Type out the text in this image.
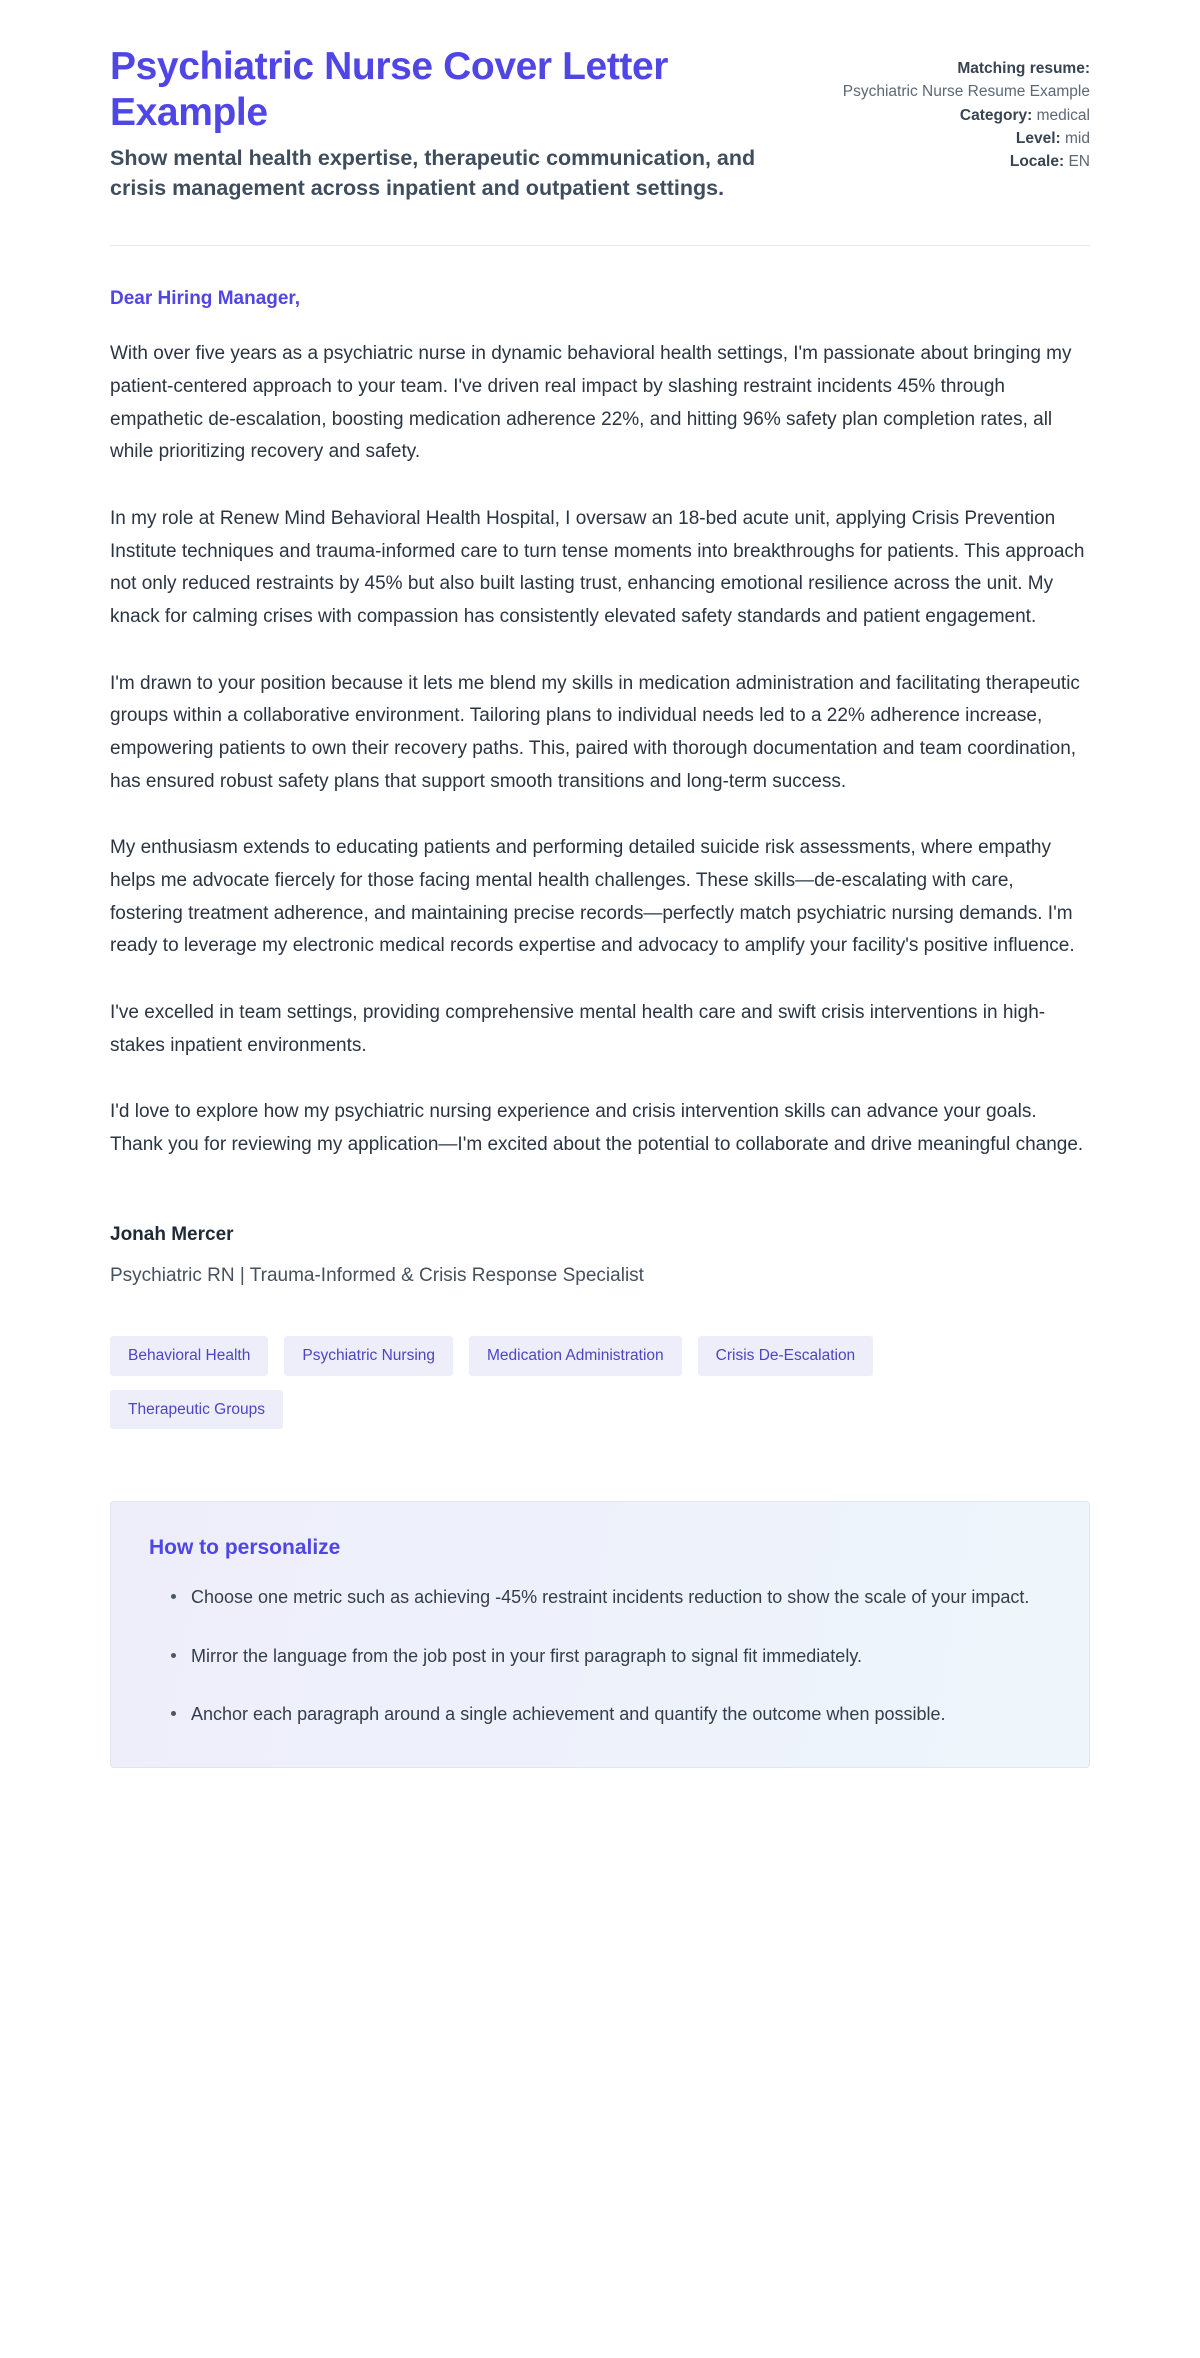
Psychiatric Nurse Cover Letter Example

Show mental health expertise, therapeutic communication, and crisis management across inpatient and outpatient settings.

Matching resume:
Psychiatric Nurse Resume Example
Category: medical
Level: mid
Locale: EN

Dear Hiring Manager,

With over five years as a psychiatric nurse in dynamic behavioral health settings, I'm passionate about bringing my patient-centered approach to your team. I've driven real impact by slashing restraint incidents 45% through empathetic de-escalation, boosting medication adherence 22%, and hitting 96% safety plan completion rates, all while prioritizing recovery and safety.

In my role at Renew Mind Behavioral Health Hospital, I oversaw an 18-bed acute unit, applying Crisis Prevention Institute techniques and trauma-informed care to turn tense moments into breakthroughs for patients. This approach not only reduced restraints by 45% but also built lasting trust, enhancing emotional resilience across the unit. My knack for calming crises with compassion has consistently elevated safety standards and patient engagement.

I'm drawn to your position because it lets me blend my skills in medication administration and facilitating therapeutic groups within a collaborative environment. Tailoring plans to individual needs led to a 22% adherence increase, empowering patients to own their recovery paths. This, paired with thorough documentation and team coordination, has ensured robust safety plans that support smooth transitions and long-term success.

My enthusiasm extends to educating patients and performing detailed suicide risk assessments, where empathy helps me advocate fiercely for those facing mental health challenges. These skills—de-escalating with care, fostering treatment adherence, and maintaining precise records—perfectly match psychiatric nursing demands. I'm ready to leverage my electronic medical records expertise and advocacy to amplify your facility's positive influence.

I've excelled in team settings, providing comprehensive mental health care and swift crisis interventions in high-stakes inpatient environments.

I'd love to explore how my psychiatric nursing experience and crisis intervention skills can advance your goals. Thank you for reviewing my application—I'm excited about the potential to collaborate and drive meaningful change.

Jonah Mercer

Psychiatric RN | Trauma-Informed & Crisis Response Specialist

Behavioral Health	Psychiatric Nursing	Medication Administration	Crisis De-Escalation
Therapeutic Groups

How to personalize

Choose one metric such as achieving -45% restraint incidents reduction to show the scale of your impact.
Mirror the language from the job post in your first paragraph to signal fit immediately.
Anchor each paragraph around a single achievement and quantify the outcome when possible.
